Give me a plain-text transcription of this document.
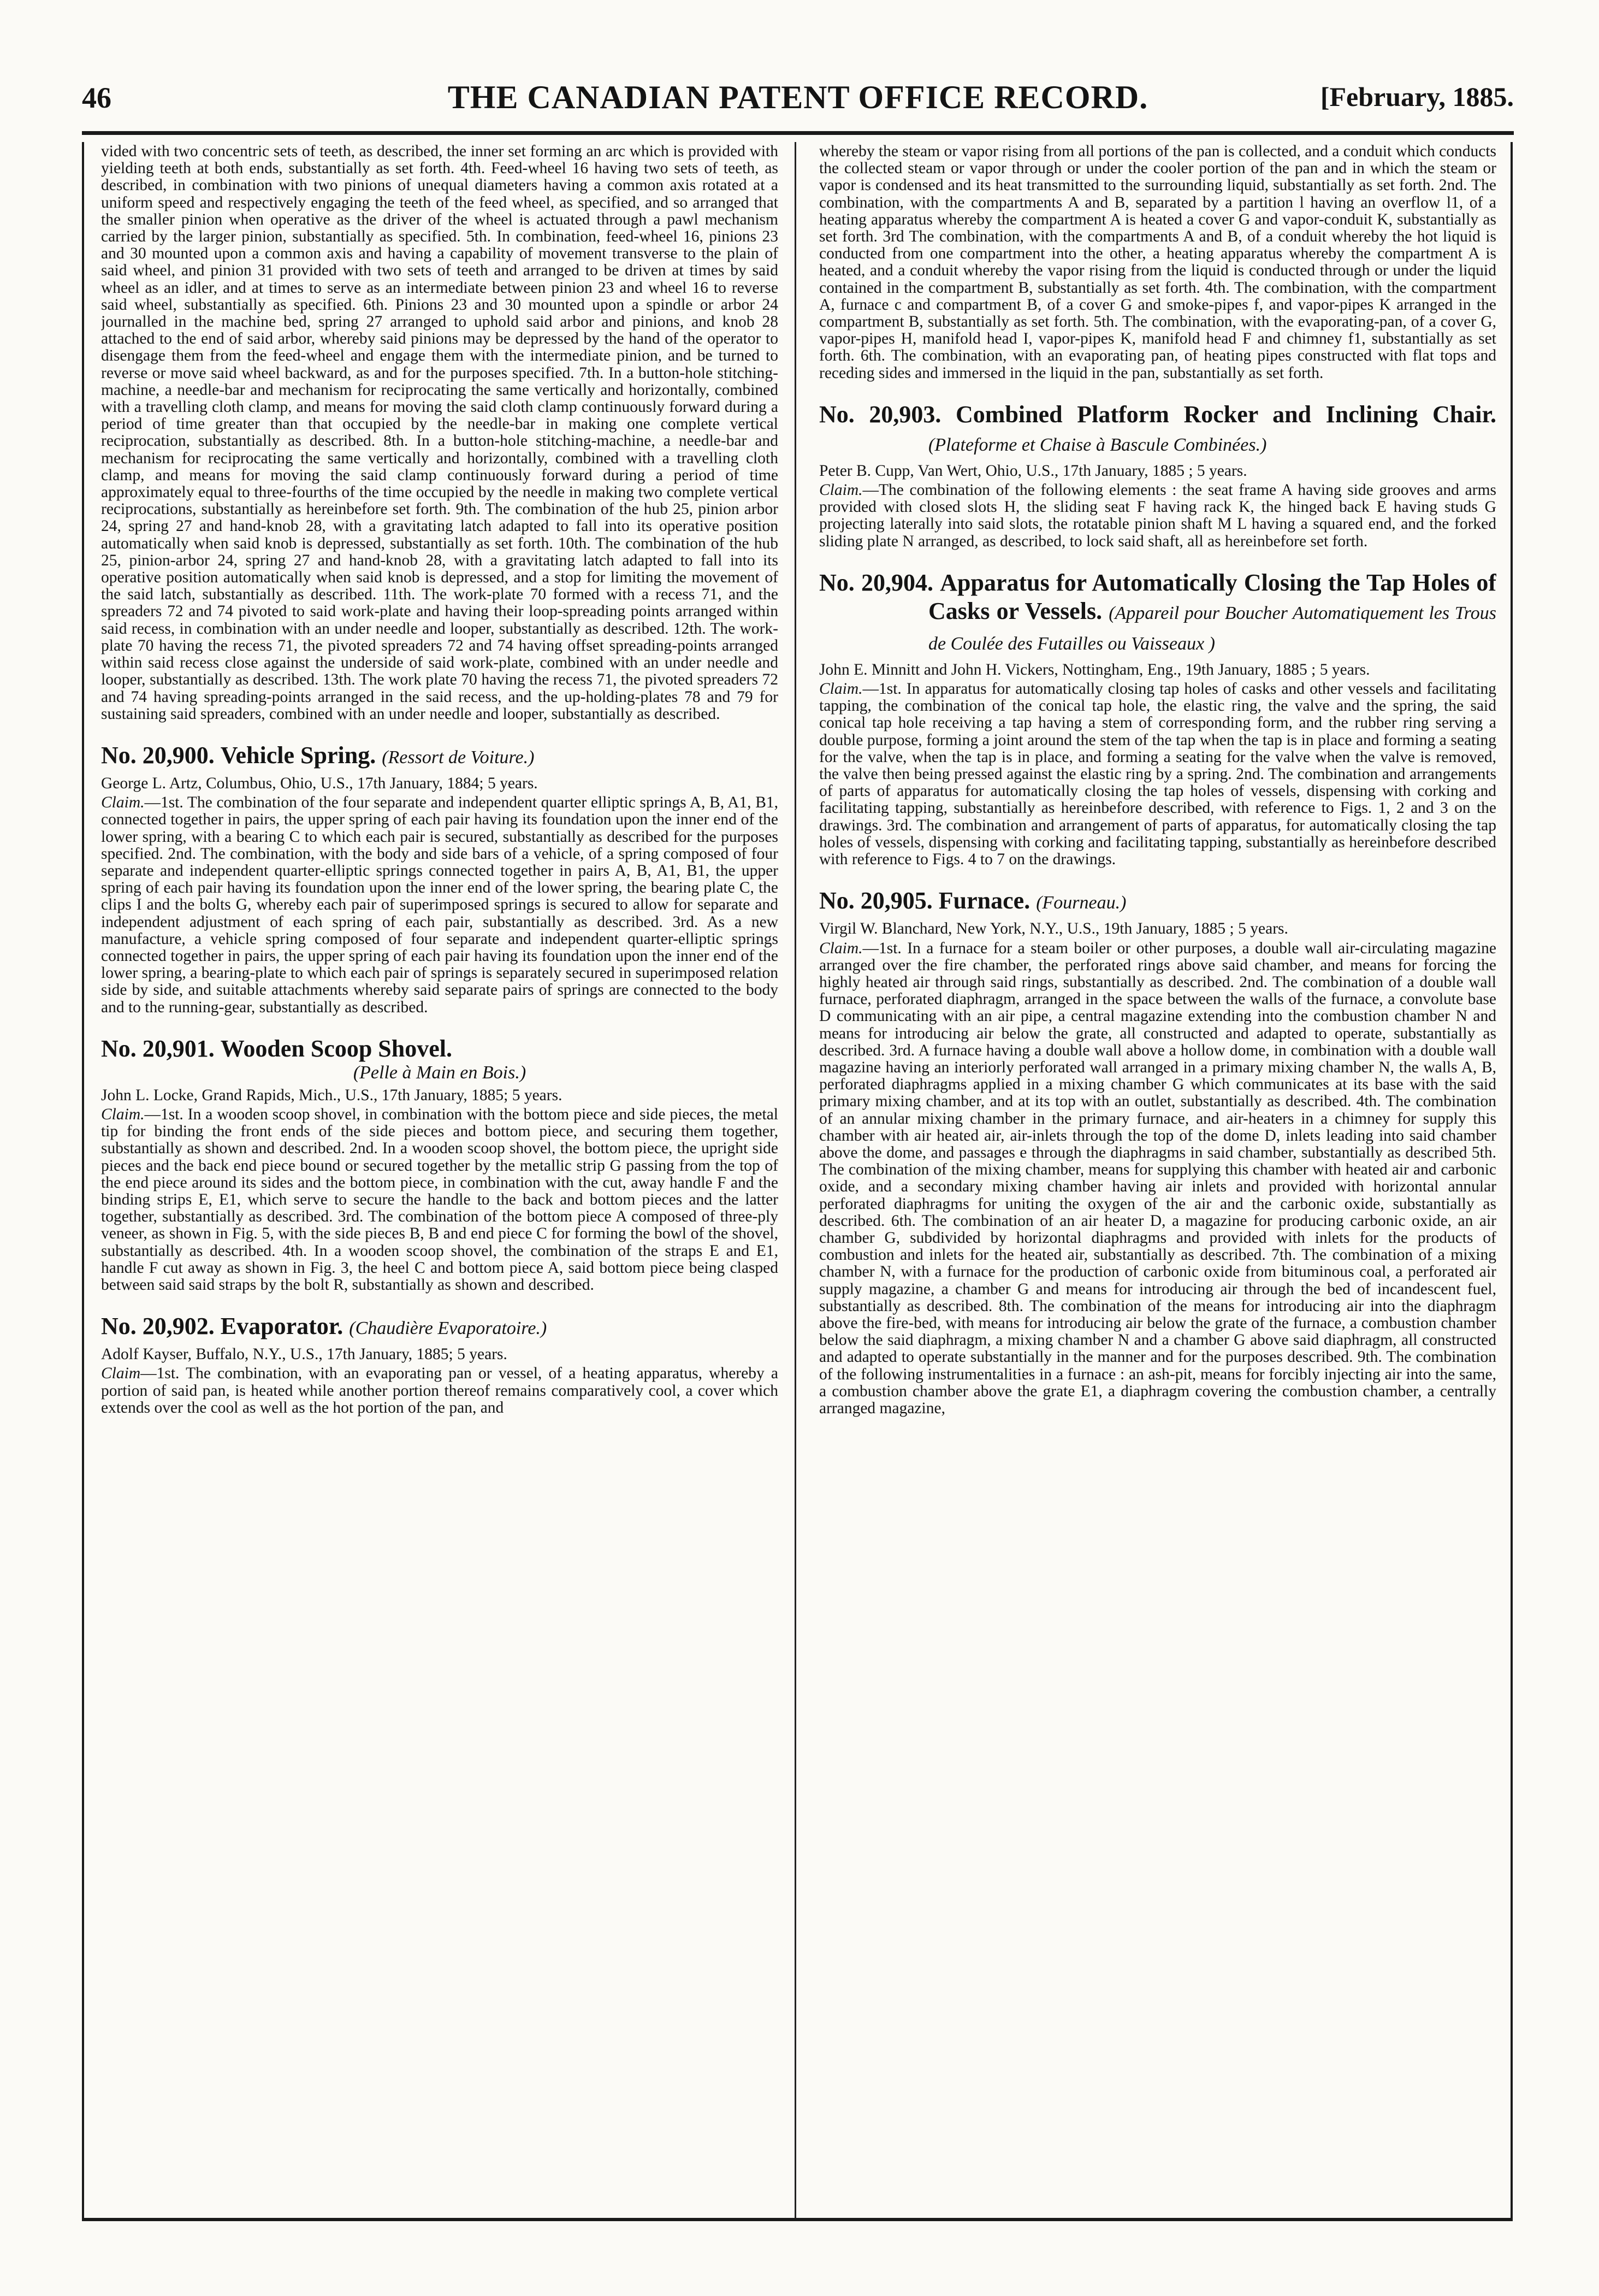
46	THE CANADIAN PATENT OFFICE RECORD.	[February, 1885.

vided with two concentric sets of teeth, as described, the inner set forming an arc which is provided with yielding teeth at both ends, substantially as set forth. 4th. Feed-wheel 16 having two sets of teeth, as described, in combination with two pinions of unequal diameters having a common axis rotated at a uniform speed and respectively engaging the teeth of the feed wheel, as specified, and so arranged that the smaller pinion when operative as the driver of the wheel is actuated through a pawl mechanism carried by the larger pinion, substantially as specified. 5th. In combination, feed-wheel 16, pinions 23 and 30 mounted upon a common axis and having a capability of movement transverse to the plain of said wheel, and pinion 31 provided with two sets of teeth and arranged to be driven at times by said wheel as an idler, and at times to serve as an intermediate between pinion 23 and wheel 16 to reverse said wheel, substantially as specified. 6th. Pinions 23 and 30 mounted upon a spindle or arbor 24 journalled in the machine bed, spring 27 arranged to uphold said arbor and pinions, and knob 28 attached to the end of said arbor, whereby said pinions may be depressed by the hand of the operator to disengage them from the feed-wheel and engage them with the intermediate pinion, and be turned to reverse or move said wheel backward, as and for the purposes specified. 7th. In a button-hole stitching-machine, a needle-bar and mechanism for reciprocating the same vertically and horizontally, combined with a travelling cloth clamp, and means for moving the said cloth clamp continuously forward during a period of time greater than that occupied by the needle-bar in making one complete vertical reciprocation, substantially as described. 8th. In a button-hole stitching-machine, a needle-bar and mechanism for reciprocating the same vertically and horizontally, combined with a travelling cloth clamp, and means for moving the said clamp continuously forward during a period of time approximately equal to three-fourths of the time occupied by the needle in making two complete vertical reciprocations, substantially as hereinbefore set forth. 9th. The combination of the hub 25, pinion arbor 24, spring 27 and hand-knob 28, with a gravitating latch adapted to fall into its operative position automatically when said knob is depressed, substantially as set forth. 10th. The combination of the hub 25, pinion-arbor 24, spring 27 and hand-knob 28, with a gravitating latch adapted to fall into its operative position automatically when said knob is depressed, and a stop for limiting the movement of the said latch, substantially as described. 11th. The work-plate 70 formed with a recess 71, and the spreaders 72 and 74 pivoted to said work-plate and having their loop-spreading points arranged within said recess, in combination with an under needle and looper, substantially as described. 12th. The work-plate 70 having the recess 71, the pivoted spreaders 72 and 74 having offset spreading-points arranged within said recess close against the underside of said work-plate, combined with an under needle and looper, substantially as described. 13th. The work plate 70 having the recess 71, the pivoted spreaders 72 and 74 having spreading-points arranged in the said recess, and the up-holding-plates 78 and 79 for sustaining said spreaders, combined with an under needle and looper, substantially as described.

No. 20,900. Vehicle Spring. (Ressort de Voiture.)

George L. Artz, Columbus, Ohio, U.S., 17th January, 1884; 5 years.

Claim.—1st. The combination of the four separate and independent quarter elliptic springs A, B, A1, B1, connected together in pairs, the upper spring of each pair having its foundation upon the inner end of the lower spring, with a bearing C to which each pair is secured, substantially as described for the purposes specified. 2nd. The combination, with the body and side bars of a vehicle, of a spring composed of four separate and independent quarter-elliptic springs connected together in pairs A, B, A1, B1, the upper spring of each pair having its foundation upon the inner end of the lower spring, the bearing plate C, the clips I and the bolts G, whereby each pair of superimposed springs is secured to allow for separate and independent adjustment of each spring of each pair, substantially as described. 3rd. As a new manufacture, a vehicle spring composed of four separate and independent quarter-elliptic springs connected together in pairs, the upper spring of each pair having its foundation upon the inner end of the lower spring, a bearing-plate to which each pair of springs is separately secured in superimposed relation side by side, and suitable attachments whereby said separate pairs of springs are connected to the body and to the running-gear, substantially as described.

No. 20,901. Wooden Scoop Shovel.
(Pelle à Main en Bois.)

John L. Locke, Grand Rapids, Mich., U.S., 17th January, 1885; 5 years.

Claim.—1st. In a wooden scoop shovel, in combination with the bottom piece and side pieces, the metal tip for binding the front ends of the side pieces and bottom piece, and securing them together, substantially as shown and described. 2nd. In a wooden scoop shovel, the bottom piece, the upright side pieces and the back end piece bound or secured together by the metallic strip G passing from the top of the end piece around its sides and the bottom piece, in combination with the cut, away handle F and the binding strips E, E1, which serve to secure the handle to the back and bottom pieces and the latter together, substantially as described. 3rd. The combination of the bottom piece A composed of three-ply veneer, as shown in Fig. 5, with the side pieces B, B and end piece C for forming the bowl of the shovel, substantially as described. 4th. In a wooden scoop shovel, the combination of the straps E and E1, handle F cut away as shown in Fig. 3, the heel C and bottom piece A, said bottom piece being clasped between said said straps by the bolt R, substantially as shown and described.

No. 20,902. Evaporator. (Chaudière Evaporatoire.)

Adolf Kayser, Buffalo, N.Y., U.S., 17th January, 1885; 5 years.

Claim—1st. The combination, with an evaporating pan or vessel, of a heating apparatus, whereby a portion of said pan, is heated while another portion thereof remains comparatively cool, a cover which extends over the cool as well as the hot portion of the pan, and

whereby the steam or vapor rising from all portions of the pan is collected, and a conduit which conducts the collected steam or vapor through or under the cooler portion of the pan and in which the steam or vapor is condensed and its heat transmitted to the surrounding liquid, substantially as set forth. 2nd. The combination, with the compartments A and B, separated by a partition l having an overflow l1, of a heating apparatus whereby the compartment A is heated a cover G and vapor-conduit K, substantially as set forth. 3rd The combination, with the compartments A and B, of a conduit whereby the hot liquid is conducted from one compartment into the other, a heating apparatus whereby the compartment A is heated, and a conduit whereby the vapor rising from the liquid is conducted through or under the liquid contained in the compartment B, substantially as set forth. 4th. The combination, with the compartment A, furnace c and compartment B, of a cover G and smoke-pipes f, and vapor-pipes K arranged in the compartment B, substantially as set forth. 5th. The combination, with the evaporating-pan, of a cover G, vapor-pipes H, manifold head I, vapor-pipes K, manifold head F and chimney f1, substantially as set forth. 6th. The combination, with an evaporating pan, of heating pipes constructed with flat tops and receding sides and immersed in the liquid in the pan, substantially as set forth.

No. 20,903. Combined Platform Rocker and Inclining Chair. (Plateforme et Chaise à Bascule Combinées.)

Peter B. Cupp, Van Wert, Ohio, U.S., 17th January, 1885 ; 5 years.

Claim.—The combination of the following elements : the seat frame A having side grooves and arms provided with closed slots H, the sliding seat F having rack K, the hinged back E having studs G projecting laterally into said slots, the rotatable pinion shaft M L having a squared end, and the forked sliding plate N arranged, as described, to lock said shaft, all as hereinbefore set forth.

No. 20,904. Apparatus for Automatically Closing the Tap Holes of Casks or Vessels. (Appareil pour Boucher Automatiquement les Trous de Coulée des Futailles ou Vaisseaux )

John E. Minnitt and John H. Vickers, Nottingham, Eng., 19th January, 1885 ; 5 years.

Claim.—1st. In apparatus for automatically closing tap holes of casks and other vessels and facilitating tapping, the combination of the conical tap hole, the elastic ring, the valve and the spring, the said conical tap hole receiving a tap having a stem of corresponding form, and the rubber ring serving a double purpose, forming a joint around the stem of the tap when the tap is in place and forming a seating for the valve, when the tap is in place, and forming a seating for the valve when the valve is removed, the valve then being pressed against the elastic ring by a spring. 2nd. The combination and arrangements of parts of apparatus for automatically closing the tap holes of vessels, dispensing with corking and facilitating tapping, substantially as hereinbefore described, with reference to Figs. 1, 2 and 3 on the drawings. 3rd. The combination and arrangement of parts of apparatus, for automatically closing the tap holes of vessels, dispensing with corking and facilitating tapping, substantially as hereinbefore described with reference to Figs. 4 to 7 on the drawings.

No. 20,905. Furnace. (Fourneau.)

Virgil W. Blanchard, New York, N.Y., U.S., 19th January, 1885 ; 5 years.

Claim.—1st. In a furnace for a steam boiler or other purposes, a double wall air-circulating magazine arranged over the fire chamber, the perforated rings above said chamber, and means for forcing the highly heated air through said rings, substantially as described. 2nd. The combination of a double wall furnace, perforated diaphragm, arranged in the space between the walls of the furnace, a convolute base D communicating with an air pipe, a central magazine extending into the combustion chamber N and means for introducing air below the grate, all constructed and adapted to operate, substantially as described. 3rd. A furnace having a double wall above a hollow dome, in combination with a double wall magazine having an interiorly perforated wall arranged in a primary mixing chamber N, the walls A, B, perforated diaphragms applied in a mixing chamber G which communicates at its base with the said primary mixing chamber, and at its top with an outlet, substantially as described. 4th. The combination of an annular mixing chamber in the primary furnace, and air-heaters in a chimney for supply this chamber with air heated air, air-inlets through the top of the dome D, inlets leading into said chamber above the dome, and passages e through the diaphragms in said chamber, substantially as described 5th. The combination of the mixing chamber, means for supplying this chamber with heated air and carbonic oxide, and a secondary mixing chamber having air inlets and provided with horizontal annular perforated diaphragms for uniting the oxygen of the air and the carbonic oxide, substantially as described. 6th. The combination of an air heater D, a magazine for producing carbonic oxide, an air chamber G, subdivided by horizontal diaphragms and provided with inlets for the products of combustion and inlets for the heated air, substantially as described. 7th. The combination of a mixing chamber N, with a furnace for the production of carbonic oxide from bituminous coal, a perforated air supply magazine, a chamber G and means for introducing air through the bed of incandescent fuel, substantially as described. 8th. The combination of the means for introducing air into the diaphragm above the fire-bed, with means for introducing air below the grate of the furnace, a combustion chamber below the said diaphragm, a mixing chamber N and a chamber G above said diaphragm, all constructed and adapted to operate substantially in the manner and for the purposes described. 9th. The combination of the following instrumentalities in a furnace : an ash-pit, means for forcibly injecting air into the same, a combustion chamber above the grate E1, a diaphragm covering the combustion chamber, a centrally arranged magazine,
